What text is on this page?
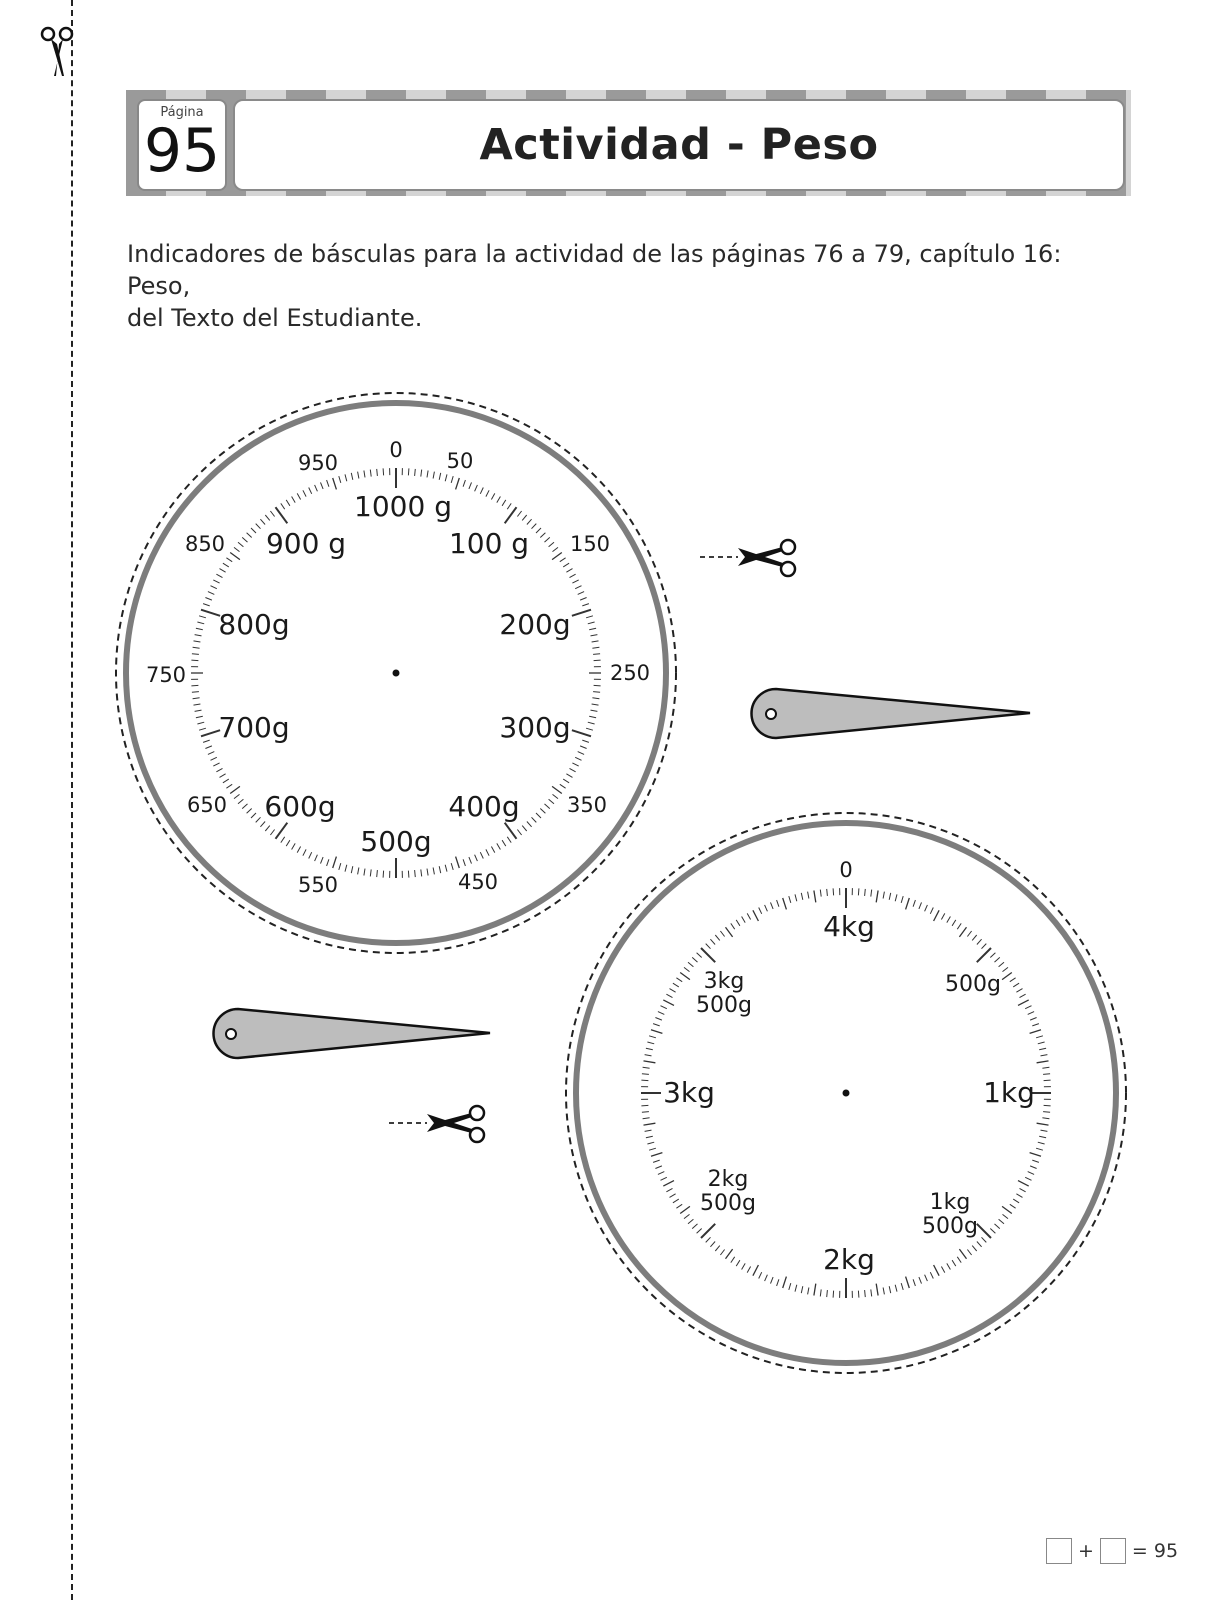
Página
95	Actividad - Peso
Indicadores de básculas para la actividad de las páginas 76 a 79, capítulo 16: Peso,
del Texto del Estudiante.
0 50
150
250
350
450
550
650
750
850
950
1000 g
100 g
200g
300g
400g
500g
600g
700g
800g
900 g
0
4kg
500g
1kg
1kg
500g
2kg
2kg
500g
3kg
3kg
500g
+ = 95
